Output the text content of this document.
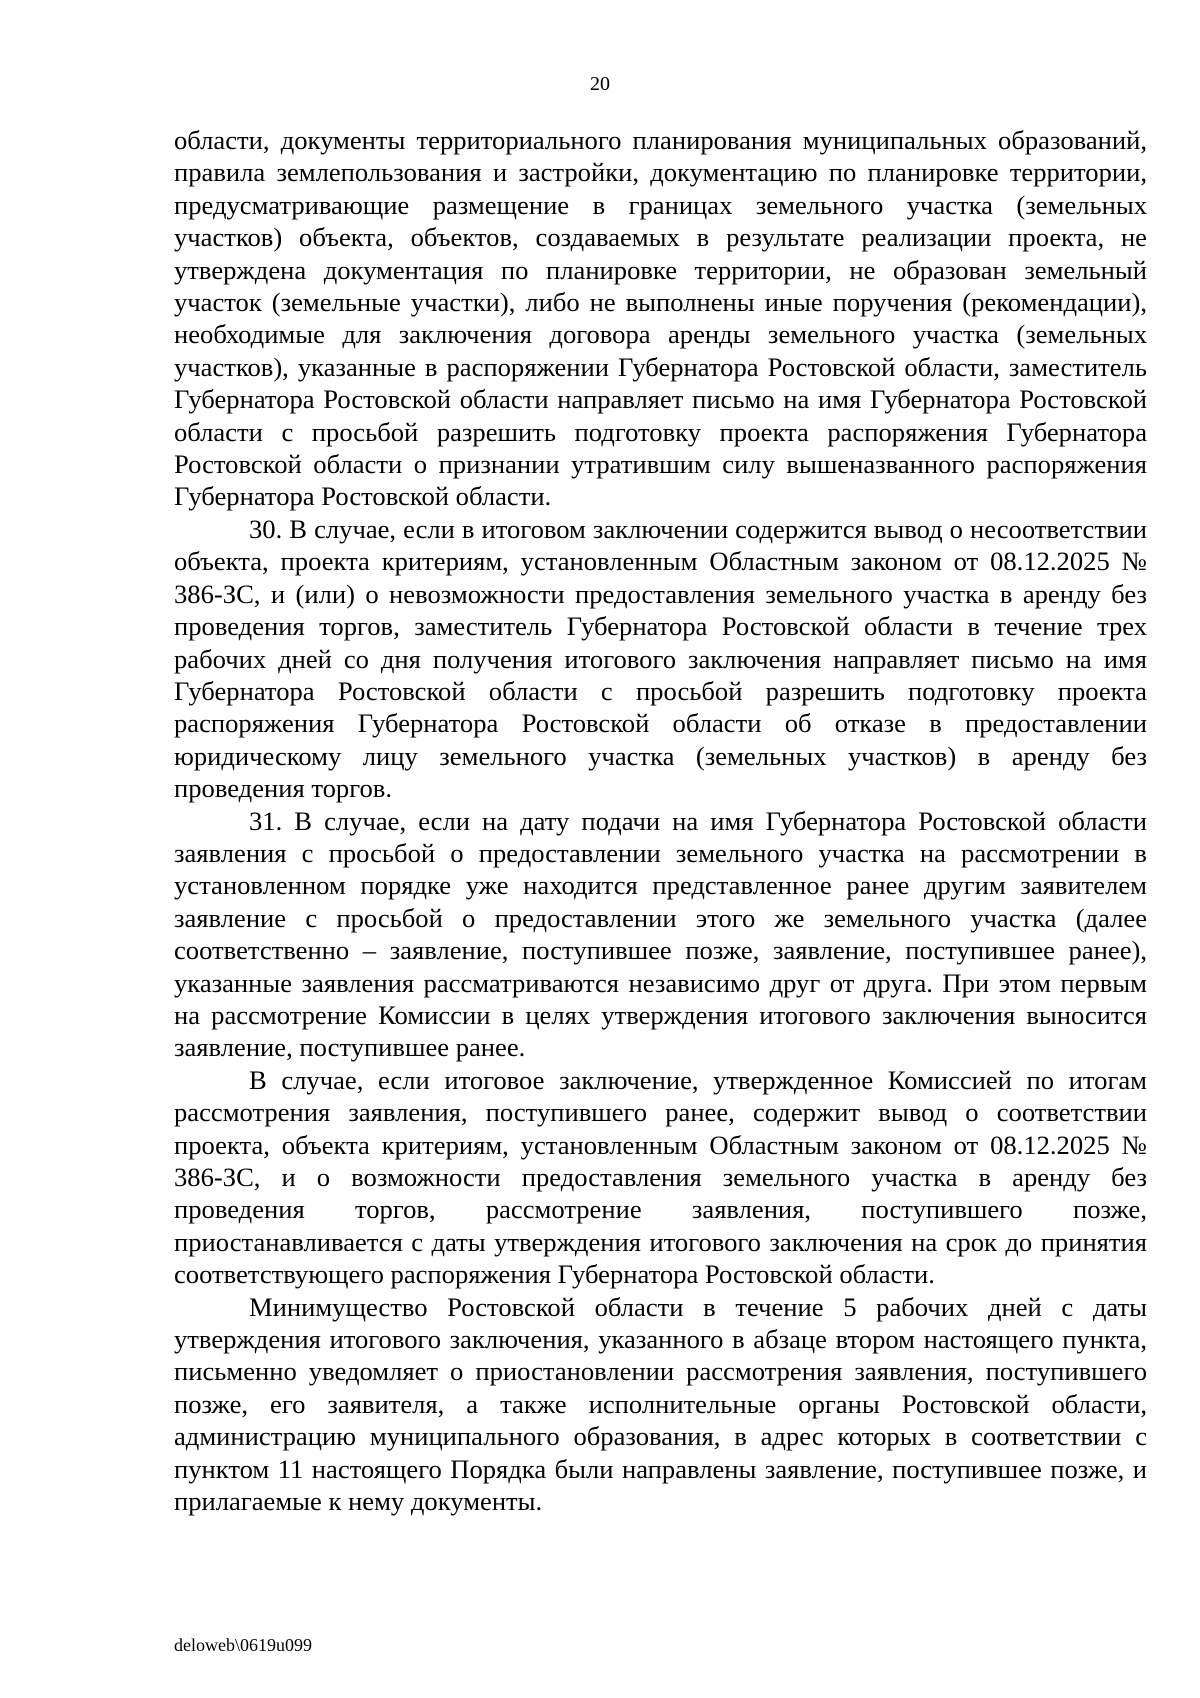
20

области, документы территориального планирования муниципальных образований, правила землепользования и застройки, документацию по планировке территории, предусматривающие размещение в границах земельного участка (земельных участков) объекта, объектов, создаваемых в результате реализации проекта, не утверждена документация по планировке территории, не образован земельный участок (земельные участки), либо не выполнены иные поручения (рекомендации), необходимые для заключения договора аренды земельного участка (земельных участков), указанные в распоряжении Губернатора Ростовской области, заместитель Губернатора Ростовской области направляет письмо на имя Губернатора Ростовской области с просьбой разрешить подготовку проекта распоряжения Губернатора Ростовской области о признании утратившим силу вышеназванного распоряжения Губернатора Ростовской области.

30. В случае, если в итоговом заключении содержится вывод о несоответствии объекта, проекта критериям, установленным Областным законом от 08.12.2025 № 386-ЗС, и (или) о невозможности предоставления земельного участка в аренду без проведения торгов, заместитель Губернатора Ростовской области в течение трех рабочих дней со дня получения итогового заключения направляет письмо на имя Губернатора Ростовской области с просьбой разрешить подготовку проекта распоряжения Губернатора Ростовской области об отказе в предоставлении юридическому лицу земельного участка (земельных участков) в аренду без проведения торгов.

31. В случае, если на дату подачи на имя Губернатора Ростовской области заявления с просьбой о предоставлении земельного участка на рассмотрении в установленном порядке уже находится представленное ранее другим заявителем заявление с просьбой о предоставлении этого же земельного участка (далее соответственно – заявление, поступившее позже, заявление, поступившее ранее), указанные заявления рассматриваются независимо друг от друга. При этом первым на рассмотрение Комиссии в целях утверждения итогового заключения выносится заявление, поступившее ранее.

В случае, если итоговое заключение, утвержденное Комиссией по итогам рассмотрения заявления, поступившего ранее, содержит вывод о соответствии проекта, объекта критериям, установленным Областным законом от 08.12.2025 № 386-ЗС, и о возможности предоставления земельного участка в аренду без проведения торгов, рассмотрение заявления, поступившего позже, приостанавливается с даты утверждения итогового заключения на срок до принятия соответствующего распоряжения Губернатора Ростовской области.

Минимущество Ростовской области в течение 5 рабочих дней с даты утверждения итогового заключения, указанного в абзаце втором настоящего пункта, письменно уведомляет о приостановлении рассмотрения заявления, поступившего позже, его заявителя, а также исполнительные органы Ростовской области, администрацию муниципального образования, в адрес которых в соответствии с пунктом 11 настоящего Порядка были направлены заявление, поступившее позже, и прилагаемые к нему документы.

deloweb\0619u099
